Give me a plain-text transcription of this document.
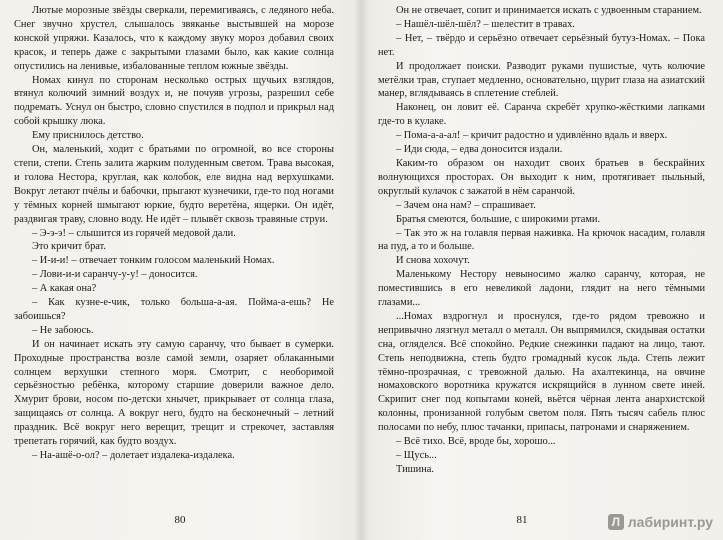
Лютые морозные звёзды сверкали, перемигиваясь, с ледяного неба. Снег звучно хрустел, слышалось звяканье выстывшей на морозе конской упряжи. Казалось, что к каждому звуку мороз добавил своих красок, и теперь даже с закрытыми глазами было, как какие солнца опустились на ленивые, избалованные теплом южные звёзды.

Номах кинул по сторонам несколько острых щучьих взглядов, втянул колючий зимний воздух и, не почуяв угрозы, разрешил себе подремать. Уснул он быстро, словно спустился в подпол и прикрыл над собой крышку люка.

Ему приснилось детство.

Он, маленький, ходит с братьями по огромной, во все стороны степи, степи. Степь залита жарким полуденным светом. Трава высокая, и голова Нестора, круглая, как колобок, еле видна над верхушками. Вокруг летают пчёлы и бабочки, прыгают кузнечики, где-то под ногами у тёмных корней шмыгают юркие, будто веретёна, ящерки. Он идёт, раздвигая траву, словно воду. Не идёт – плывёт сквозь травяные струи.

– Э-э-э! – слышится из горячей медовой дали.

Это кричит брат.

– И-и-и! – отвечает тонким голосом маленький Номах.

– Лови-и-и саранчу-у-у! – доносится.

– А какая она?

– Как кузне-е-чик, только больша-а-ая. Пойма-а-ешь? Не забоишься?

– Не забоюсь.

И он начинает искать эту самую саранчу, что бывает в сумерки. Проходные пространства возле самой земли, озаряет облаканными солнцем верхушки степного моря. Смотрит, с необоримой серьёзностью ребёнка, которому старшие доверили важное дело. Хмурит брови, носом по-детски хнычет, прикрывает от солнца глаза, защищаясь от солнца. А вокруг него, будто на бесконечный – летний праздник. Всё вокруг него верещит, трещит и стрекочет, заставляя трепетать горячий, как будто воздух.

– На-ашё-о-ол? – долетает издалека-издалека.

80

Он не отвечает, сопит и принимается искать с удвоенным старанием.

– Нашёл-шёл-шёл? – шелестит в травах.

– Нет, – твёрдо и серьёзно отвечает серьёзный бутуз-Номах. – Пока нет.

И продолжает поиски. Разводит руками пушистые, чуть колючие метёлки трав, ступает медленно, основательно, щурит глаза на азиатский манер, вглядываясь в сплетение стеблей.

Наконец, он ловит её. Саранча скребёт хрупко-жёсткими лапками где-то в кулаке.

– Пома-а-а-ал! – кричит радостно и удивлённо вдаль и вверх.

– Иди сюда, – едва доносится издали.

Каким-то образом он находит своих братьев в бескрайних волнующихся просторах. Он выходит к ним, протягивает пыльный, округлый кулачок с зажатой в нём саранчой.

– Зачем она нам? – спрашивает.

Братья смеются, большие, с широкими ртами.

– Так это ж на голавля первая наживка. На крючок насадим, голавля на пуд, а то и больше.

И снова хохочут.

Маленькому Нестору невыносимо жалко саранчу, которая, не поместившись в его невеликой ладони, глядит на него тёмными глазами...

...Номах вздрогнул и проснулся, где-то рядом тревожно и непривычно лязгнул металл о металл. Он выпрямился, скидывая остатки сна, огляделся. Всё спокойно. Редкие снежинки падают на лицо, тают. Степь неподвижна, степь будто громадный кусок льда. Степь лежит тёмно-прозрачная, с тревожной далью. На ахалтекинца, на овчине номаховского воротника кружатся искрящийся в лунном свете иней. Скрипит снег под копытами коней, вьётся чёрная лента анархистской колонны, пронизанной голубым светом поля. Пять тысяч сабель плюс полосами по небу, плюс тачанки, припасы, патронами и снаряжением.

– Всё тихо. Всё, вроде бы, хорошо...

– Щусь...

Тишина.

81	Л лабиринт.ру
